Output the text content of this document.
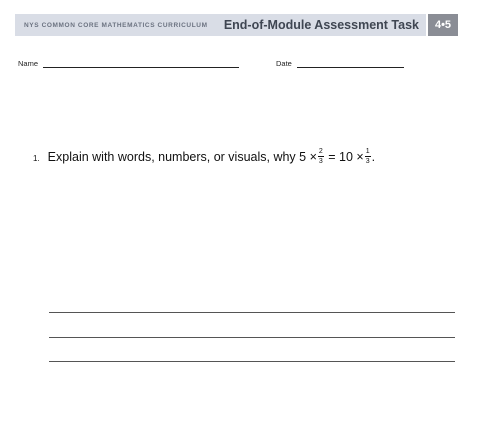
NYS COMMON CORE MATHEMATICS CURRICULUM End-of-Module Assessment Task	4•5
Name	Date
1. Explain with words, numbers, or visuals, why $5 \times \frac{2}{3} = 10 \times \frac{1}{3}$ .
